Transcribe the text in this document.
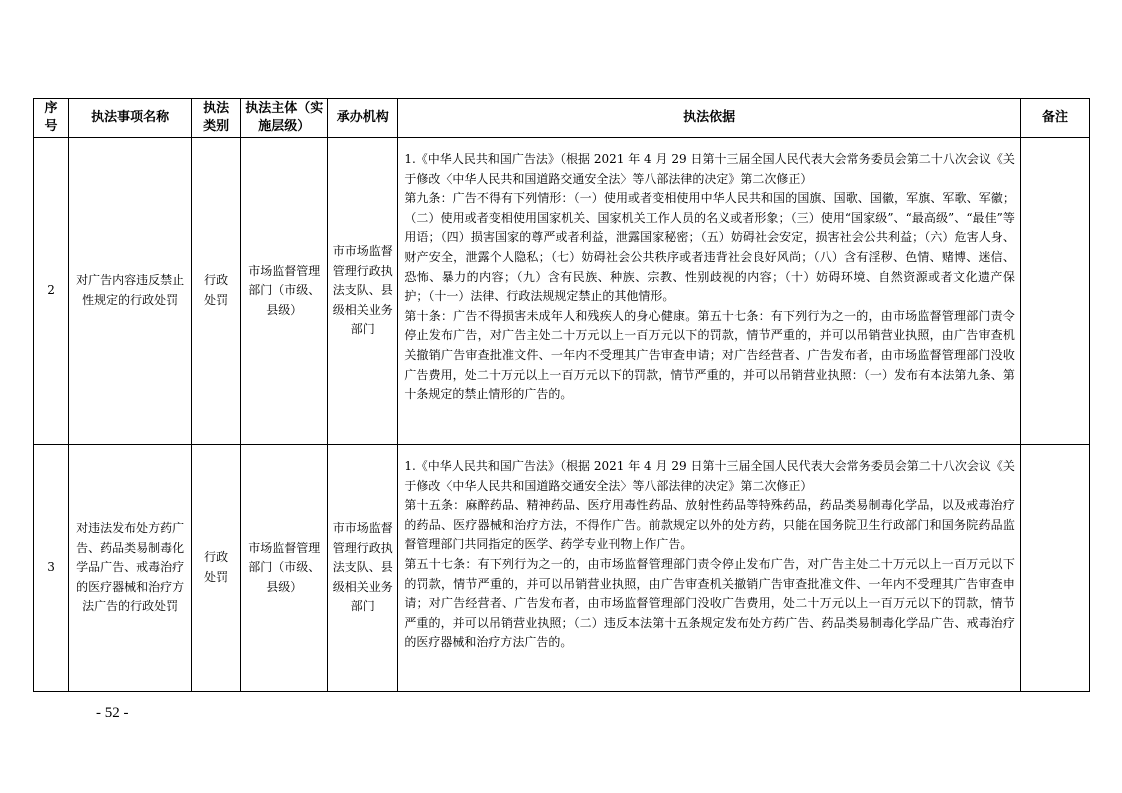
序号	执法事项名称	执法类别	执法主体（实施层级）	承办机构	执法依据	备注
2	对广告内容违反禁止性规定的行政处罚	行政处罚	市场监督管理部门（市级、县级）	市市场监督管理行政执法支队、县级相关业务部门	1.《中华人民共和国广告法》（根据 2021 年 4 月 29 日第十三届全国人民代表大会常务委员会第二十八次会议《关于修改〈中华人民共和国道路交通安全法〉等八部法律的决定》第二次修正）

第九条：广告不得有下列情形：（一）使用或者变相使用中华人民共和国的国旗、国歌、国徽，军旗、军歌、军徽；（二）使用或者变相使用国家机关、国家机关工作人员的名义或者形象；（三）使用“国家级”、“最高级”、“最佳”等用语；（四）损害国家的尊严或者利益，泄露国家秘密；（五）妨碍社会安定，损害社会公共利益；（六）危害人身、财产安全，泄露个人隐私；（七）妨碍社会公共秩序或者违背社会良好风尚；（八）含有淫秽、色情、赌博、迷信、恐怖、暴力的内容；（九）含有民族、种族、宗教、性别歧视的内容；（十）妨碍环境、自然资源或者文化遗产保护；（十一）法律、行政法规规定禁止的其他情形。

第十条：广告不得损害未成年人和残疾人的身心健康。第五十七条：有下列行为之一的，由市场监督管理部门责令停止发布广告，对广告主处二十万元以上一百万元以下的罚款，情节严重的，并可以吊销营业执照，由广告审查机关撤销广告审查批准文件、一年内不受理其广告审查申请；对广告经营者、广告发布者，由市场监督管理部门没收广告费用，处二十万元以上一百万元以下的罚款，情节严重的，并可以吊销营业执照：（一）发布有本法第九条、第十条规定的禁止情形的广告的。	

3	对违法发布处方药广告、药品类易制毒化学品广告、戒毒治疗的医疗器械和治疗方法广告的行政处罚	行政处罚	市场监督管理部门（市级、县级）	市市场监督管理行政执法支队、县级相关业务部门	1.《中华人民共和国广告法》（根据 2021 年 4 月 29 日第十三届全国人民代表大会常务委员会第二十八次会议《关于修改〈中华人民共和国道路交通安全法〉等八部法律的决定》第二次修正）

第十五条：麻醉药品、精神药品、医疗用毒性药品、放射性药品等特殊药品，药品类易制毒化学品，以及戒毒治疗的药品、医疗器械和治疗方法，不得作广告。前款规定以外的处方药，只能在国务院卫生行政部门和国务院药品监督管理部门共同指定的医学、药学专业刊物上作广告。

第五十七条：有下列行为之一的，由市场监督管理部门责令停止发布广告，对广告主处二十万元以上一百万元以下的罚款，情节严重的，并可以吊销营业执照，由广告审查机关撤销广告审查批准文件、一年内不受理其广告审查申请；对广告经营者、广告发布者，由市场监督管理部门没收广告费用，处二十万元以上一百万元以下的罚款，情节严重的，并可以吊销营业执照；（二）违反本法第十五条规定发布处方药广告、药品类易制毒化学品广告、戒毒治疗的医疗器械和治疗方法广告的。	

- 52 -
